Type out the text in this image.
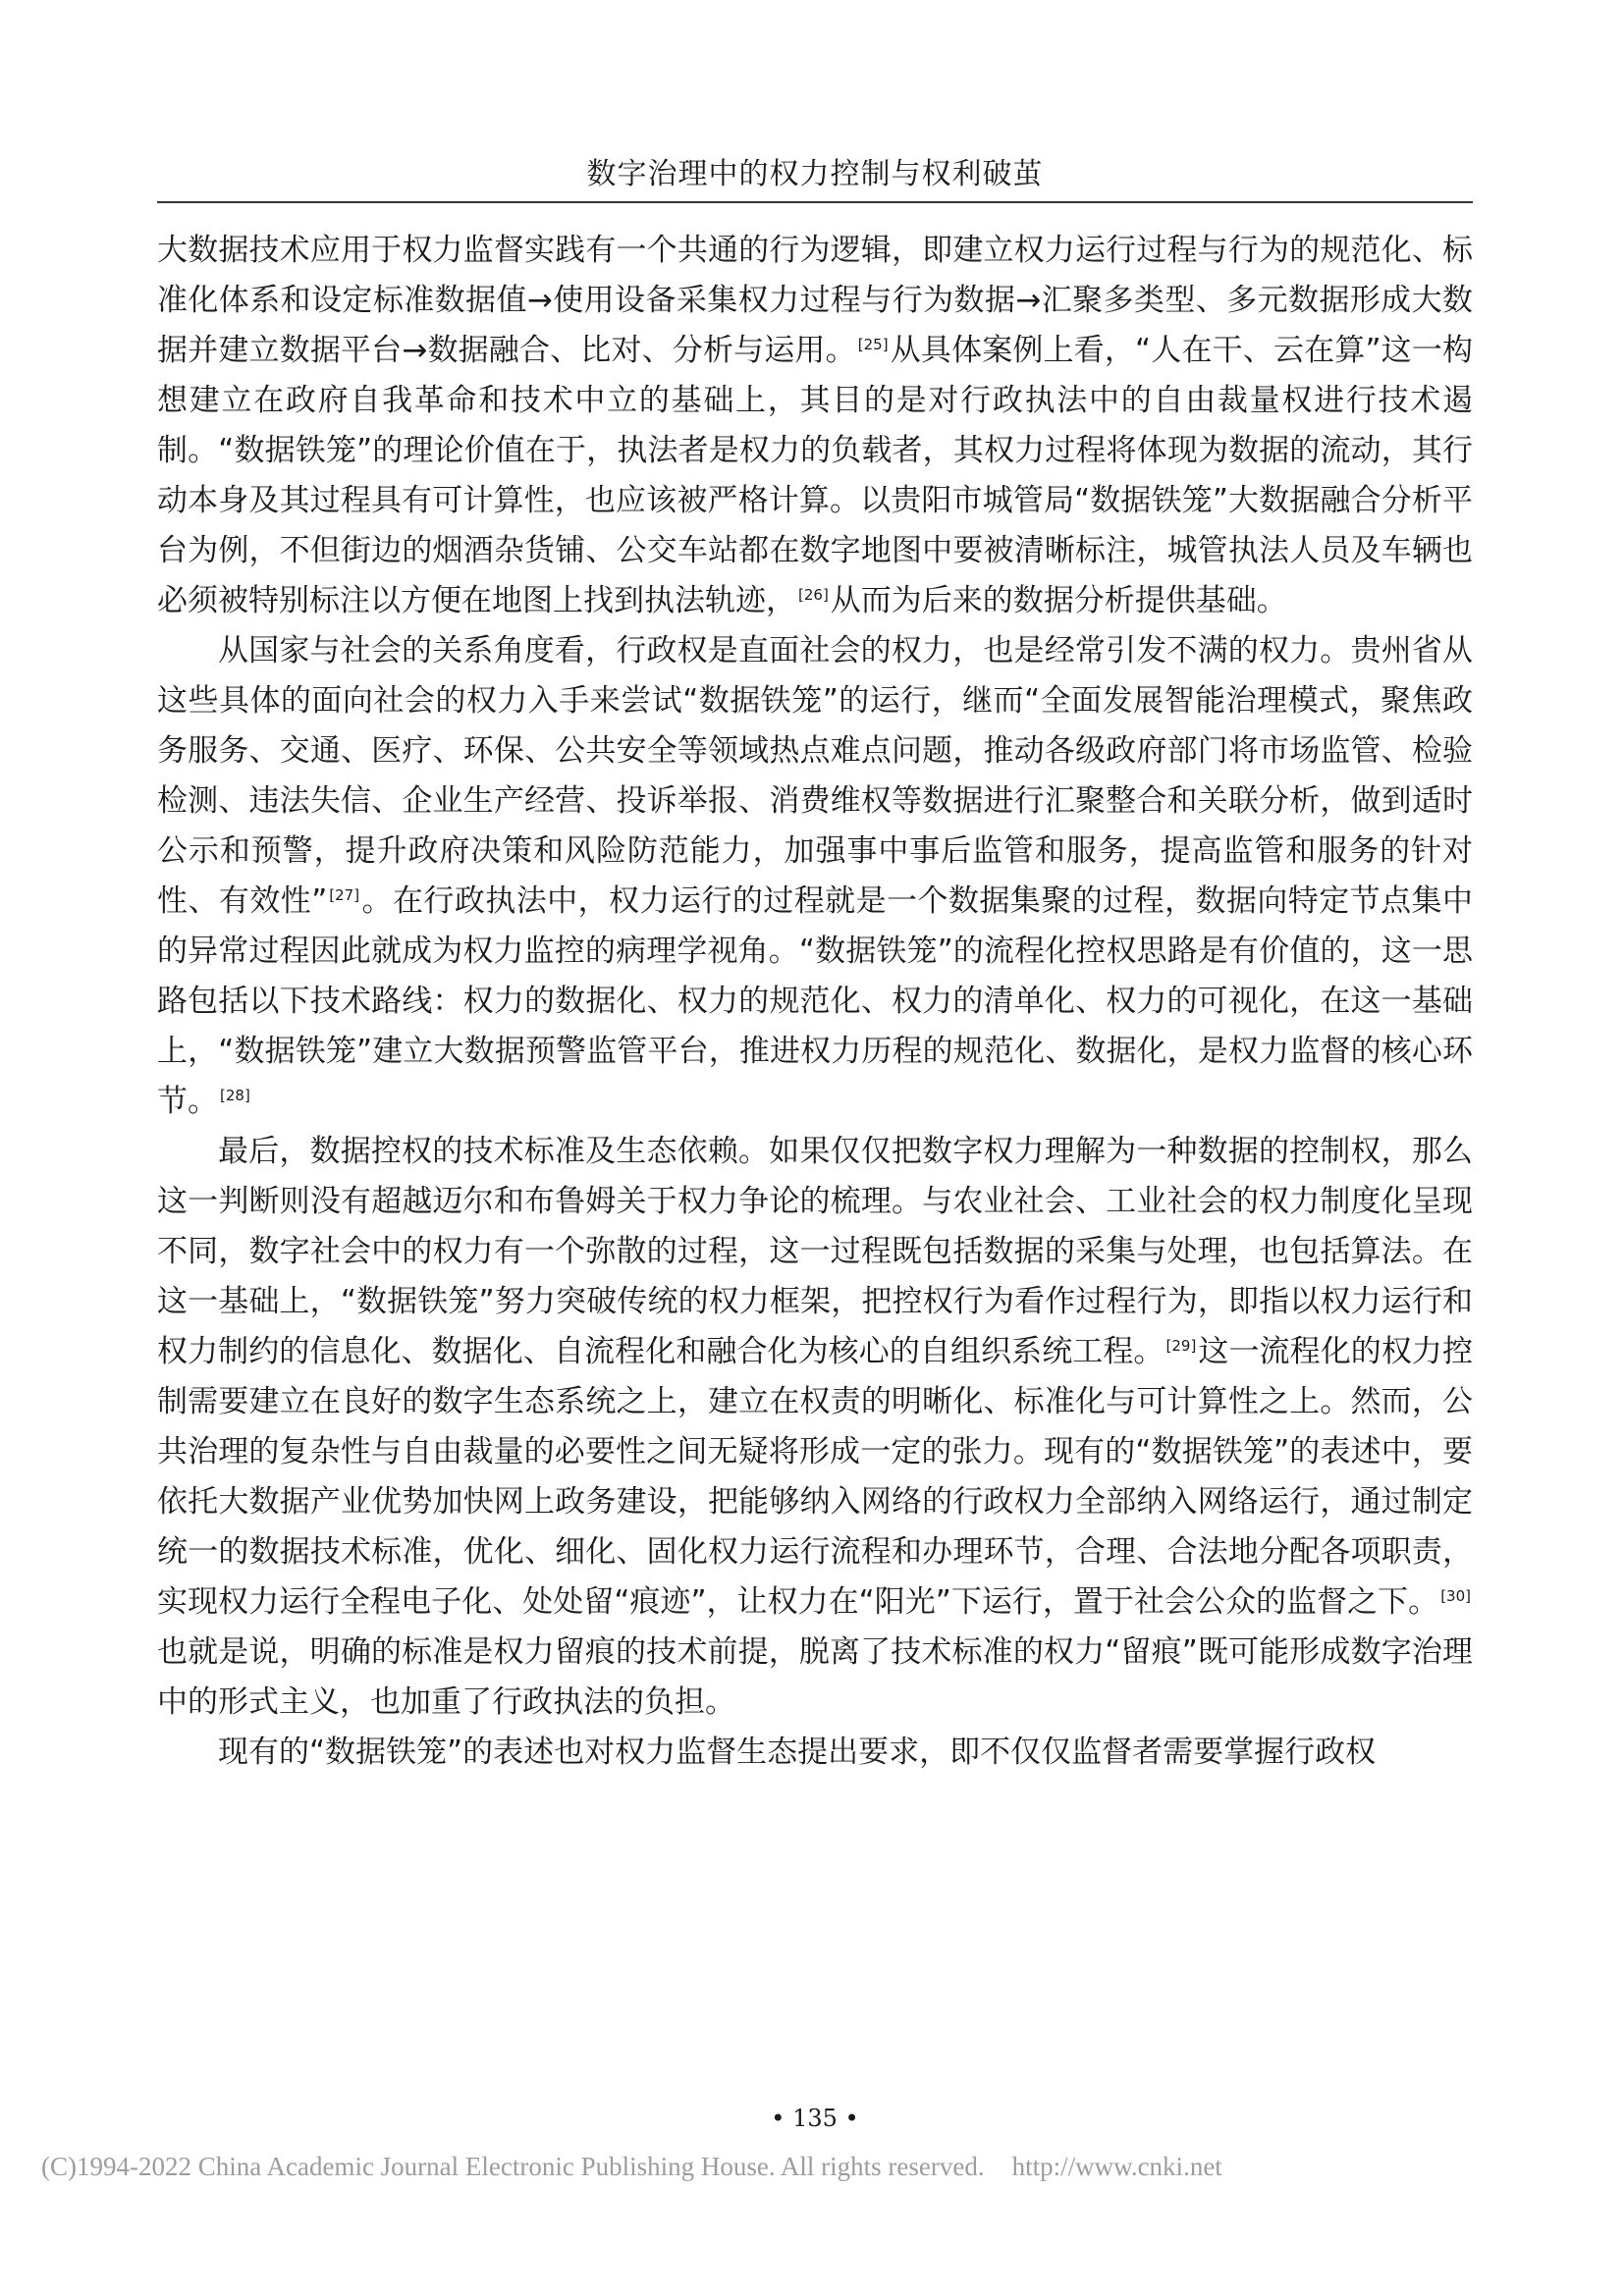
数字治理中的权力控制与权利破茧

大数据技术应用于权力监督实践有一个共通的行为逻辑，即建立权力运行过程与行为的规范化、标准化体系和设定标准数据值→使用设备采集权力过程与行为数据→汇聚多类型、多元数据形成大数据并建立数据平台→数据融合、比对、分析与运用。 [25]从具体案例上看，“人在干、云在算”这一构想建立在政府自我革命和技术中立的基础上，其目的是对行政执法中的自由裁量权进行技术遏制。“数据铁笼”的理论价值在于，执法者是权力的负载者，其权力过程将体现为数据的流动，其行动本身及其过程具有可计算性，也应该被严格计算。以贵阳市城管局“数据铁笼”大数据融合分析平台为例，不但街边的烟酒杂货铺、公交车站都在数字地图中要被清晰标注，城管执法人员及车辆也必须被特别标注以方便在地图上找到执法轨迹， [26]从而为后来的数据分析提供基础。

从国家与社会的关系角度看，行政权是直面社会的权力，也是经常引发不满的权力。贵州省从这些具体的面向社会的权力入手来尝试“数据铁笼”的运行，继而“全面发展智能治理模式，聚焦政务服务、交通、医疗、环保、公共安全等领域热点难点问题，推动各级政府部门将市场监管、检验检测、违法失信、企业生产经营、投诉举报、消费维权等数据进行汇聚整合和关联分析，做到适时公示和预警，提升政府决策和风险防范能力，加强事中事后监管和服务，提高监管和服务的针对性、有效性” [27]。在行政执法中，权力运行的过程就是一个数据集聚的过程，数据向特定节点集中的异常过程因此就成为权力监控的病理学视角。“数据铁笼”的流程化控权思路是有价值的，这一思路包括以下技术路线：权力的数据化、权力的规范化、权力的清单化、权力的可视化，在这一基础上，“数据铁笼”建立大数据预警监管平台，推进权力历程的规范化、数据化，是权力监督的核心环节。 [28]

最后，数据控权的技术标准及生态依赖。如果仅仅把数字权力理解为一种数据的控制权，那么这一判断则没有超越迈尔和布鲁姆关于权力争论的梳理。与农业社会、工业社会的权力制度化呈现不同，数字社会中的权力有一个弥散的过程，这一过程既包括数据的采集与处理，也包括算法。在这一基础上，“数据铁笼”努力突破传统的权力框架，把控权行为看作过程行为，即指以权力运行和权力制约的信息化、数据化、自流程化和融合化为核心的自组织系统工程。 [29]这一流程化的权力控制需要建立在良好的数字生态系统之上，建立在权责的明晰化、标准化与可计算性之上。然而，公共治理的复杂性与自由裁量的必要性之间无疑将形成一定的张力。现有的“数据铁笼”的表述中，要依托大数据产业优势加快网上政务建设，把能够纳入网络的行政权力全部纳入网络运行，通过制定统一的数据技术标准，优化、细化、固化权力运行流程和办理环节，合理、合法地分配各项职责，实现权力运行全程电子化、处处留“痕迹”，让权力在“阳光”下运行，置于社会公众的监督之下。 [30]也就是说，明确的标准是权力留痕的技术前提，脱离了技术标准的权力“留痕”既可能形成数字治理中的形式主义，也加重了行政执法的负担。

现有的“数据铁笼”的表述也对权力监督生态提出要求，即不仅仅监督者需要掌握行政权

• 135 •
(C)1994-2022 China Academic Journal Electronic Publishing House. All rights reserved. http://www.cnki.net
